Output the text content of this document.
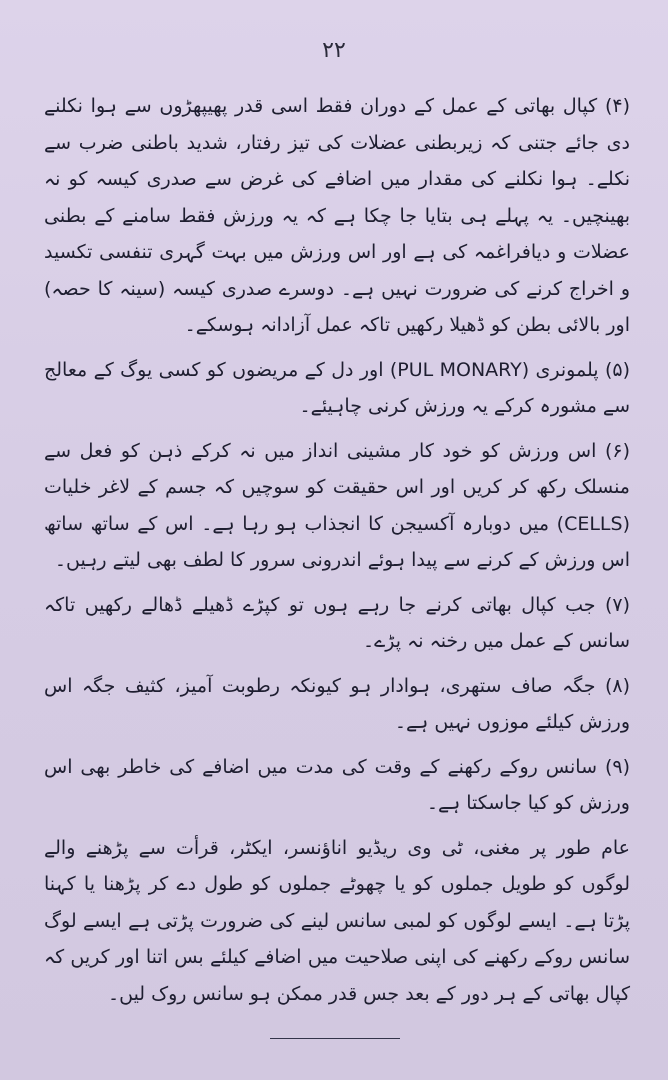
۲۲

(۴) کپال بھاتی کے عمل کے دوران فقط اسی قدر پھیپھڑوں سے ہوا نکلنے دی جائے جتنی کہ زیربطنی عضلات کی تیز رفتار، شدید باطنی ضرب سے نکلے۔ ہوا نکلنے کی مقدار میں اضافے کی غرض سے صدری کیسہ کو نہ بھینچیں۔ یہ پہلے ہی بتایا جا چکا ہے کہ یہ ورزش فقط سامنے کے بطنی عضلات و دیافراغمہ کی ہے اور اس ورزش میں بہت گہری تنفسی تکسید و اخراج کرنے کی ضرورت نہیں ہے۔ دوسرے صدری کیسہ (سینہ کا حصہ) اور بالائی بطن کو ڈھیلا رکھیں تاکہ عمل آزادانہ ہوسکے۔

(۵) پلمونری (PUL MONARY) اور دل کے مریضوں کو کسی یوگ کے معالج سے مشورہ کرکے یہ ورزش کرنی چاہیئے۔

(۶) اس ورزش کو خود کار مشینی انداز میں نہ کرکے ذہن کو فعل سے منسلک رکھ کر کریں اور اس حقیقت کو سوچیں کہ جسم کے لاغر خلیات (CELLS) میں دوبارہ آکسیجن کا انجذاب ہو رہا ہے۔ اس کے ساتھ ساتھ اس ورزش کے کرنے سے پیدا ہوئے اندرونی سرور کا لطف بھی لیتے رہیں۔

(۷) جب کپال بھاتی کرنے جا رہے ہوں تو کپڑے ڈھیلے ڈھالے رکھیں تاکہ سانس کے عمل میں رخنہ نہ پڑے۔

(۸) جگہ صاف ستھری، ہوادار ہو کیونکہ رطوبت آمیز، کثیف جگہ اس ورزش کیلئے موزوں نہیں ہے۔

(۹) سانس روکے رکھنے کے وقت کی مدت میں اضافے کی خاطر بھی اس ورزش کو کیا جاسکتا ہے۔

عام طور پر مغنی، ٹی وی ریڈیو اناؤنسر، ایکٹر، قرأت سے پڑھنے والے لوگوں کو طویل جملوں کو یا چھوٹے جملوں کو طول دے کر پڑھنا یا کہنا پڑتا ہے۔ ایسے لوگوں کو لمبی سانس لینے کی ضرورت پڑتی ہے ایسے لوگ سانس روکے رکھنے کی اپنی صلاحیت میں اضافے کیلئے بس اتنا اور کریں کہ کپال بھاتی کے ہر دور کے بعد جس قدر ممکن ہو سانس روک لیں۔
